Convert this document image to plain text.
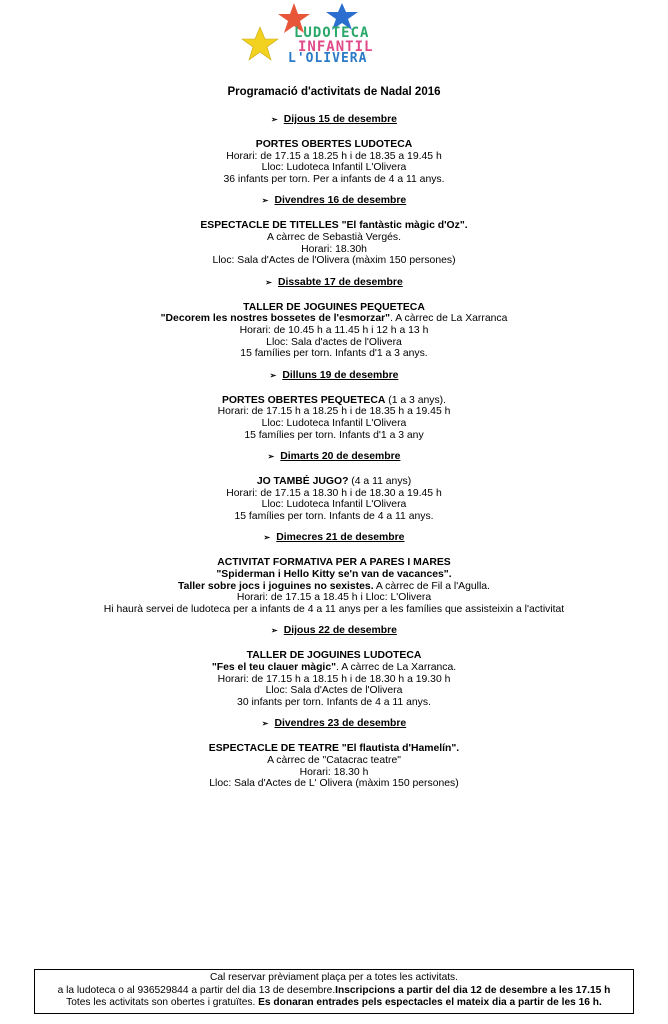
LUDOTECA
INFANTIL
L'OLIVERA
Programació d'activitats de Nadal 2016
➢ Dijous 15 de desembre
PORTES OBERTES LUDOTECA
Horari: de 17.15 a 18.25 h i de 18.35 a 19.45 h
Lloc: Ludoteca Infantil L'Olivera
36 infants per torn. Per a infants de 4 a 11 anys.
➢ Divendres 16 de desembre
ESPECTACLE DE TITELLES "El fantàstic màgic d'Oz".
A càrrec de Sebastià Vergés.
Horari: 18.30h
Lloc: Sala d'Actes de l'Olivera (màxim 150 persones)
➢ Dissabte 17 de desembre
TALLER DE JOGUINES PEQUETECA
"Decorem les nostres bossetes de l'esmorzar". A càrrec de La Xarranca
Horari: de 10.45 h a 11.45 h i 12 h a 13 h
Lloc: Sala d'actes de l'Olivera
15 famílies per torn. Infants d'1 a 3 anys.
➢ Dilluns 19 de desembre
PORTES OBERTES PEQUETECA (1 a 3 anys).
Horari: de 17.15 h a 18.25 h i de 18.35 h a 19.45 h
Lloc: Ludoteca Infantil L'Olivera
15 famílies per torn. Infants d'1 a 3 any
➢ Dimarts 20 de desembre
JO TAMBÉ JUGO? (4 a 11 anys)
Horari: de 17.15 a 18.30 h i de 18.30 a 19.45 h
Lloc: Ludoteca Infantil L'Olivera
15 famílies per torn. Infants de 4 a 11 anys.
➢ Dimecres 21 de desembre
ACTIVITAT FORMATIVA PER A PARES I MARES
"Spiderman i Hello Kitty se'n van de vacances".
Taller sobre jocs i joguines no sexistes. A càrrec de Fil a l'Agulla.
Horari: de 17.15 a 18.45 h i Lloc: L'Olivera
Hi haurà servei de ludoteca per a infants de 4 a 11 anys per a les famílies que assisteixin a l'activitat
➢ Dijous 22 de desembre
TALLER DE JOGUINES LUDOTECA
"Fes el teu clauer màgic". A càrrec de La Xarranca.
Horari: de 17.15 h a 18.15 h i de 18.30 h a 19.30 h
Lloc: Sala d'Actes de l'Olivera
30 infants per torn. Infants de 4 a 11 anys.
➢ Divendres 23 de desembre
ESPECTACLE DE TEATRE "El flautista d'Hamelín".
A càrrec de "Catacrac teatre"
Horari: 18.30 h
Lloc: Sala d'Actes de L' Olivera (màxim 150 persones)
Cal reservar prèviament plaça per a totes les activitats.
a la ludoteca o al 936529844 a partir del dia 13 de desembre.Inscripcions a partir del dia 12 de desembre a les 17.15 h
Totes les activitats son obertes i gratuïtes. Es donaran entrades pels espectacles el mateix dia a partir de les 16 h.
